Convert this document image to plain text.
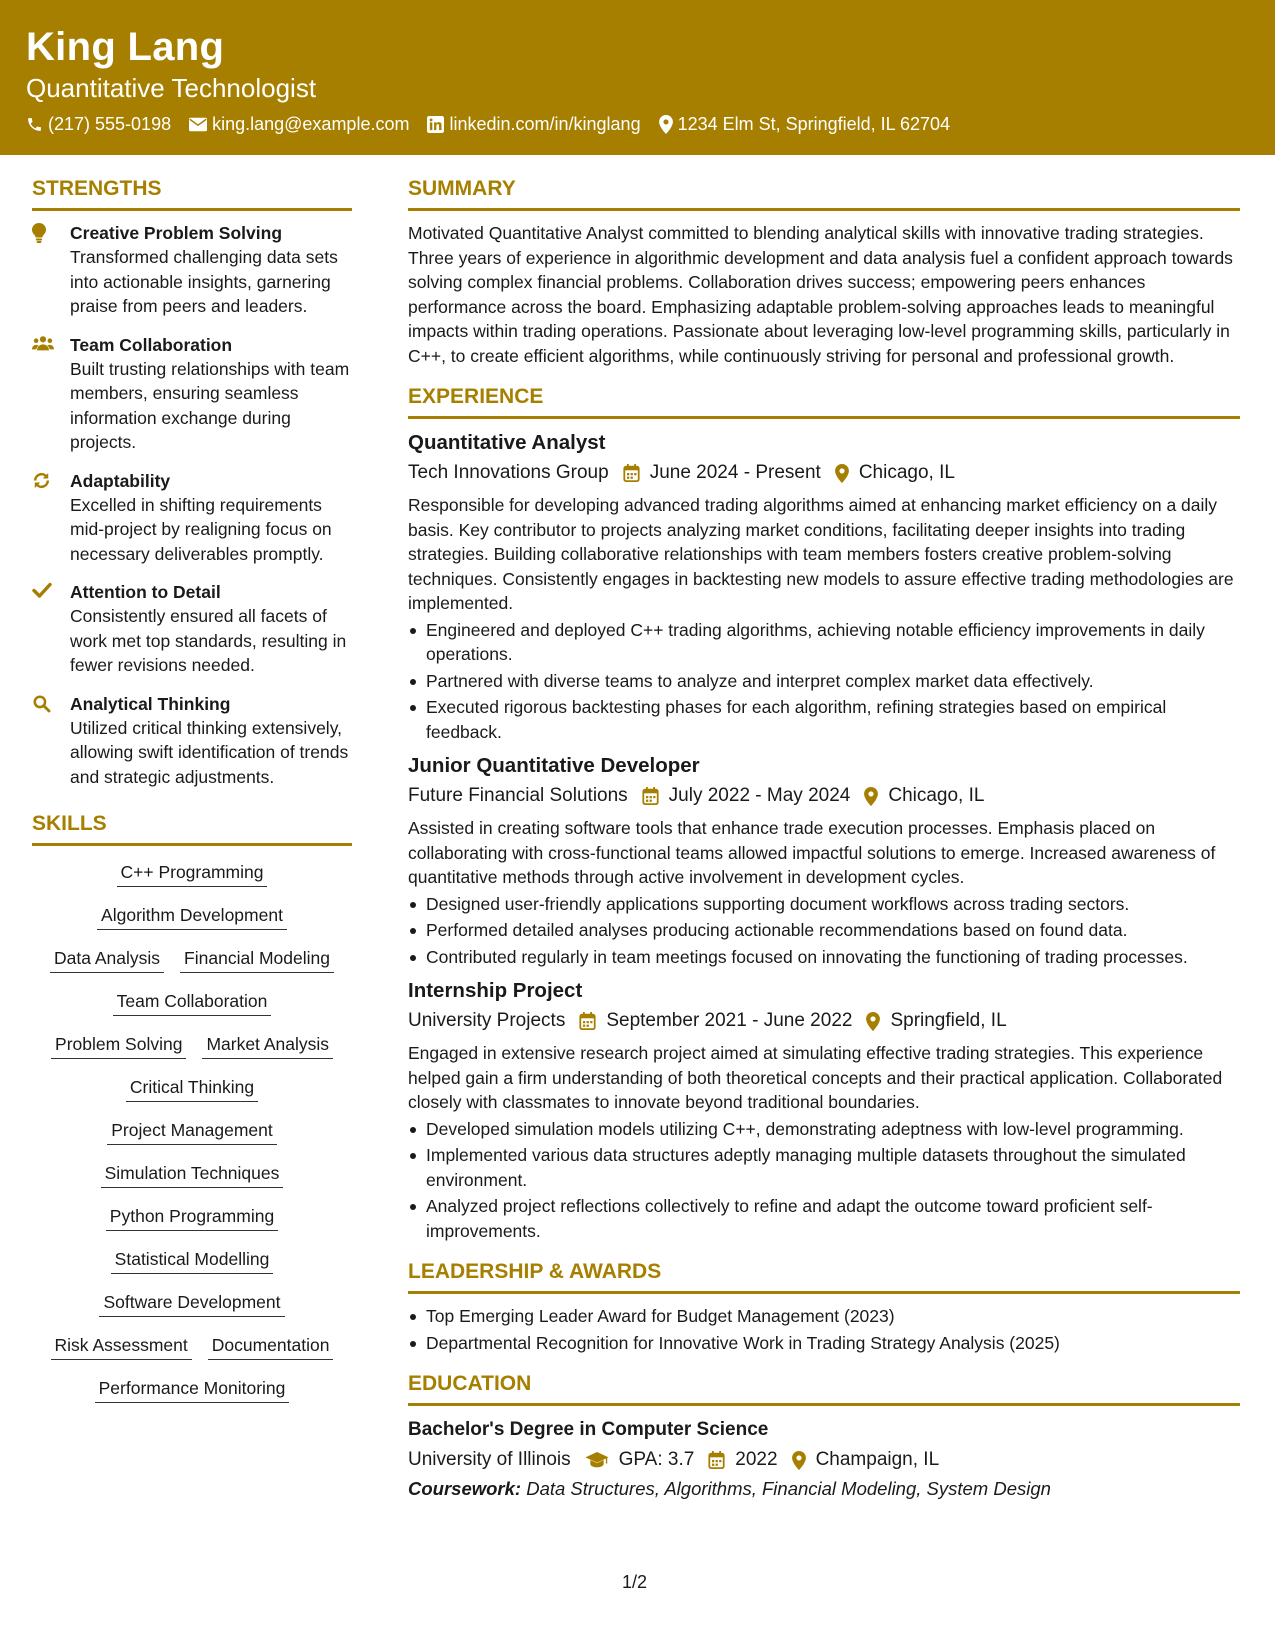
King Lang
Quantitative Technologist
(217) 555-0198 king.lang@example.com linkedin.com/in/kinglang 1234 Elm St, Springfield, IL 62704
STRENGTHS
Creative Problem Solving
Transformed challenging data sets into actionable insights, garnering praise from peers and leaders.
Team Collaboration
Built trusting relationships with team members, ensuring seamless information exchange during projects.
Adaptability
Excelled in shifting requirements mid-project by realigning focus on necessary deliverables promptly.
Attention to Detail
Consistently ensured all facets of work met top standards, resulting in fewer revisions needed.
Analytical Thinking
Utilized critical thinking extensively, allowing swift identification of trends and strategic adjustments.
SKILLS
C++ Programming
Algorithm Development
Data Analysis Financial Modeling
Team Collaboration
Problem Solving Market Analysis
Critical Thinking
Project Management
Simulation Techniques
Python Programming
Statistical Modelling
Software Development
Risk Assessment Documentation
Performance Monitoring
SUMMARY
Motivated Quantitative Analyst committed to blending analytical skills with innovative trading strategies. Three years of experience in algorithmic development and data analysis fuel a confident approach towards solving complex financial problems. Collaboration drives success; empowering peers enhances performance across the board. Emphasizing adaptable problem-solving approaches leads to meaningful impacts within trading operations. Passionate about leveraging low-level programming skills, particularly in C++, to create efficient algorithms, while continuously striving for personal and professional growth.
EXPERIENCE
Quantitative Analyst
Tech Innovations Group June 2024 - Present Chicago, IL
Responsible for developing advanced trading algorithms aimed at enhancing market efficiency on a daily basis. Key contributor to projects analyzing market conditions, facilitating deeper insights into trading strategies. Building collaborative relationships with team members fosters creative problem-solving techniques. Consistently engages in backtesting new models to assure effective trading methodologies are implemented.
Engineered and deployed C++ trading algorithms, achieving notable efficiency improvements in daily operations.
Partnered with diverse teams to analyze and interpret complex market data effectively.
Executed rigorous backtesting phases for each algorithm, refining strategies based on empirical feedback.
Junior Quantitative Developer
Future Financial Solutions July 2022 - May 2024 Chicago, IL
Assisted in creating software tools that enhance trade execution processes. Emphasis placed on collaborating with cross-functional teams allowed impactful solutions to emerge. Increased awareness of quantitative methods through active involvement in development cycles.
Designed user-friendly applications supporting document workflows across trading sectors.
Performed detailed analyses producing actionable recommendations based on found data.
Contributed regularly in team meetings focused on innovating the functioning of trading processes.
Internship Project
University Projects September 2021 - June 2022 Springfield, IL
Engaged in extensive research project aimed at simulating effective trading strategies. This experience helped gain a firm understanding of both theoretical concepts and their practical application. Collaborated closely with classmates to innovate beyond traditional boundaries.
Developed simulation models utilizing C++, demonstrating adeptness with low-level programming.
Implemented various data structures adeptly managing multiple datasets throughout the simulated environment.
Analyzed project reflections collectively to refine and adapt the outcome toward proficient self-improvements.
LEADERSHIP & AWARDS
Top Emerging Leader Award for Budget Management (2023)
Departmental Recognition for Innovative Work in Trading Strategy Analysis (2025)
EDUCATION
Bachelor's Degree in Computer Science
University of Illinois	GPA: 3.7 2022 Champaign, IL
Coursework: Data Structures, Algorithms, Financial Modeling, System Design
1/2
